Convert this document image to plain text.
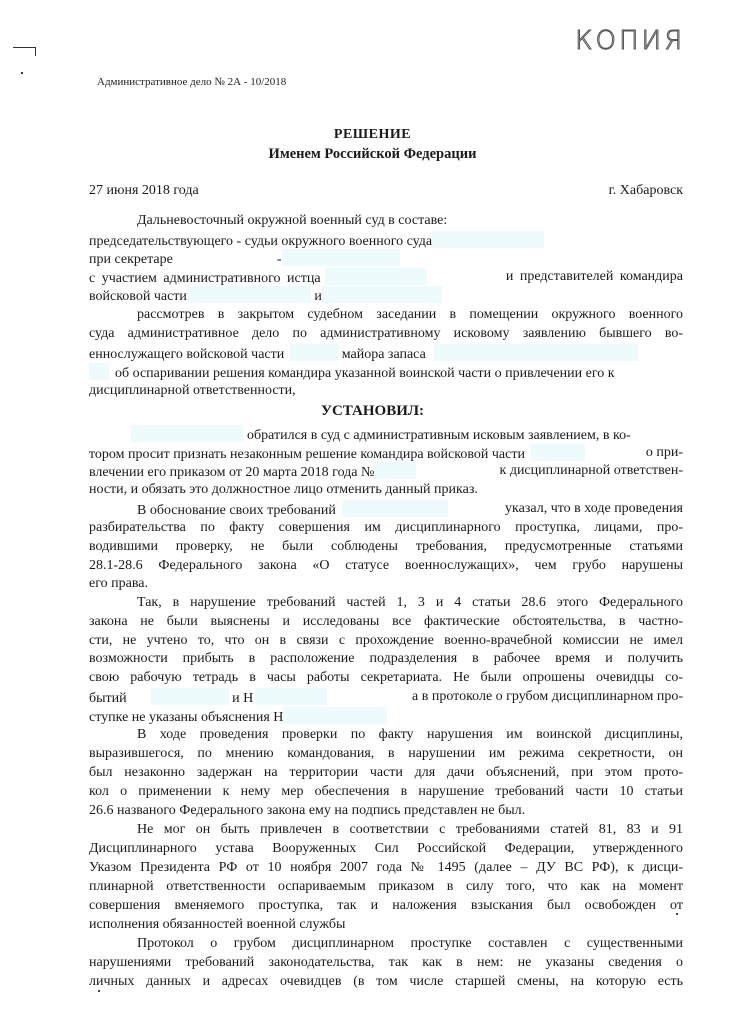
Административное дело № 2А - 10/2018
КОПИЯ
РЕШЕНИЕ
Именем Российской Федерации
27 июня 2018 года	г. Хабаровск
Дальневосточный окружной военный суд в составе:
председательствующего - судьи окружного военного суда
при секретаре	-
с участием административного истца	и представителей командира
войсковой части	и
рассмотрев в закрытом судебном заседании в помещении окружного военного
суда административное дело по административному исковому заявлению бывшего во-
еннослужащего войсковой части	майора запаса
об оспаривании решения командира указанной воинской части о привлечении его к
дисциплинарной ответственности,
УСТАНОВИЛ:
обратился в суд с административным исковым заявлением, в ко-
тором просит признать незаконным решение командира войсковой части	о при-
влечении его приказом от 20 марта 2018 года №	к дисциплинарной ответствен-
ности, и обязать это должностное лицо отменить данный приказ.
В обоснование своих требований	указал, что в ходе проведения
разбирательства по факту совершения им дисциплинарного проступка, лицами, про-
водившими проверку, не были соблюдены требования, предусмотренные статьями
28.1-28.6 Федерального закона «О статусе военнослужащих», чем грубо нарушены
его права.
Так, в нарушение требований частей 1, 3 и 4 статьи 28.6 этого Федерального
закона не были выяснены и исследованы все фактические обстоятельства, в частно-
сти, не учтено то, что он в связи с прохождение военно-врачебной комиссии не имел
возможности прибыть в расположение подразделения в рабочее время и получить
свою рабочую тетрадь в часы работы секретариата. Не были опрошены очевидцы со-
бытий	и Н	а в протоколе о грубом дисциплинарном про-
ступке не указаны объяснения Н
В ходе проведения проверки по факту нарушения им воинской дисциплины,
выразившегося, по мнению командования, в нарушении им режима секретности, он
был незаконно задержан на территории части для дачи объяснений, при этом прото-
кол о применении к нему мер обеспечения в нарушение требований части 10 статьи
26.6 названого Федерального закона ему на подпись представлен не был.
Не мог он быть привлечен в соответствии с требованиями статей 81, 83 и 91
Дисциплинарного устава Вооруженных Сил Российской Федерации, утвержденного
Указом Президента РФ от 10 ноября 2007 года № 1495 (далее – ДУ ВС РФ), к дисци-
плинарной ответственности оспариваемым приказом в силу того, что как на момент
совершения вменяемого проступка, так и наложения взыскания был освобожден от
исполнения обязанностей военной службы
Протокол о грубом дисциплинарном проступке составлен с существенными
нарушениями требований законодательства, так как в нем: не указаны сведения о
личных данных и адресах очевидцев (в том числе старшей смены, на которую есть
